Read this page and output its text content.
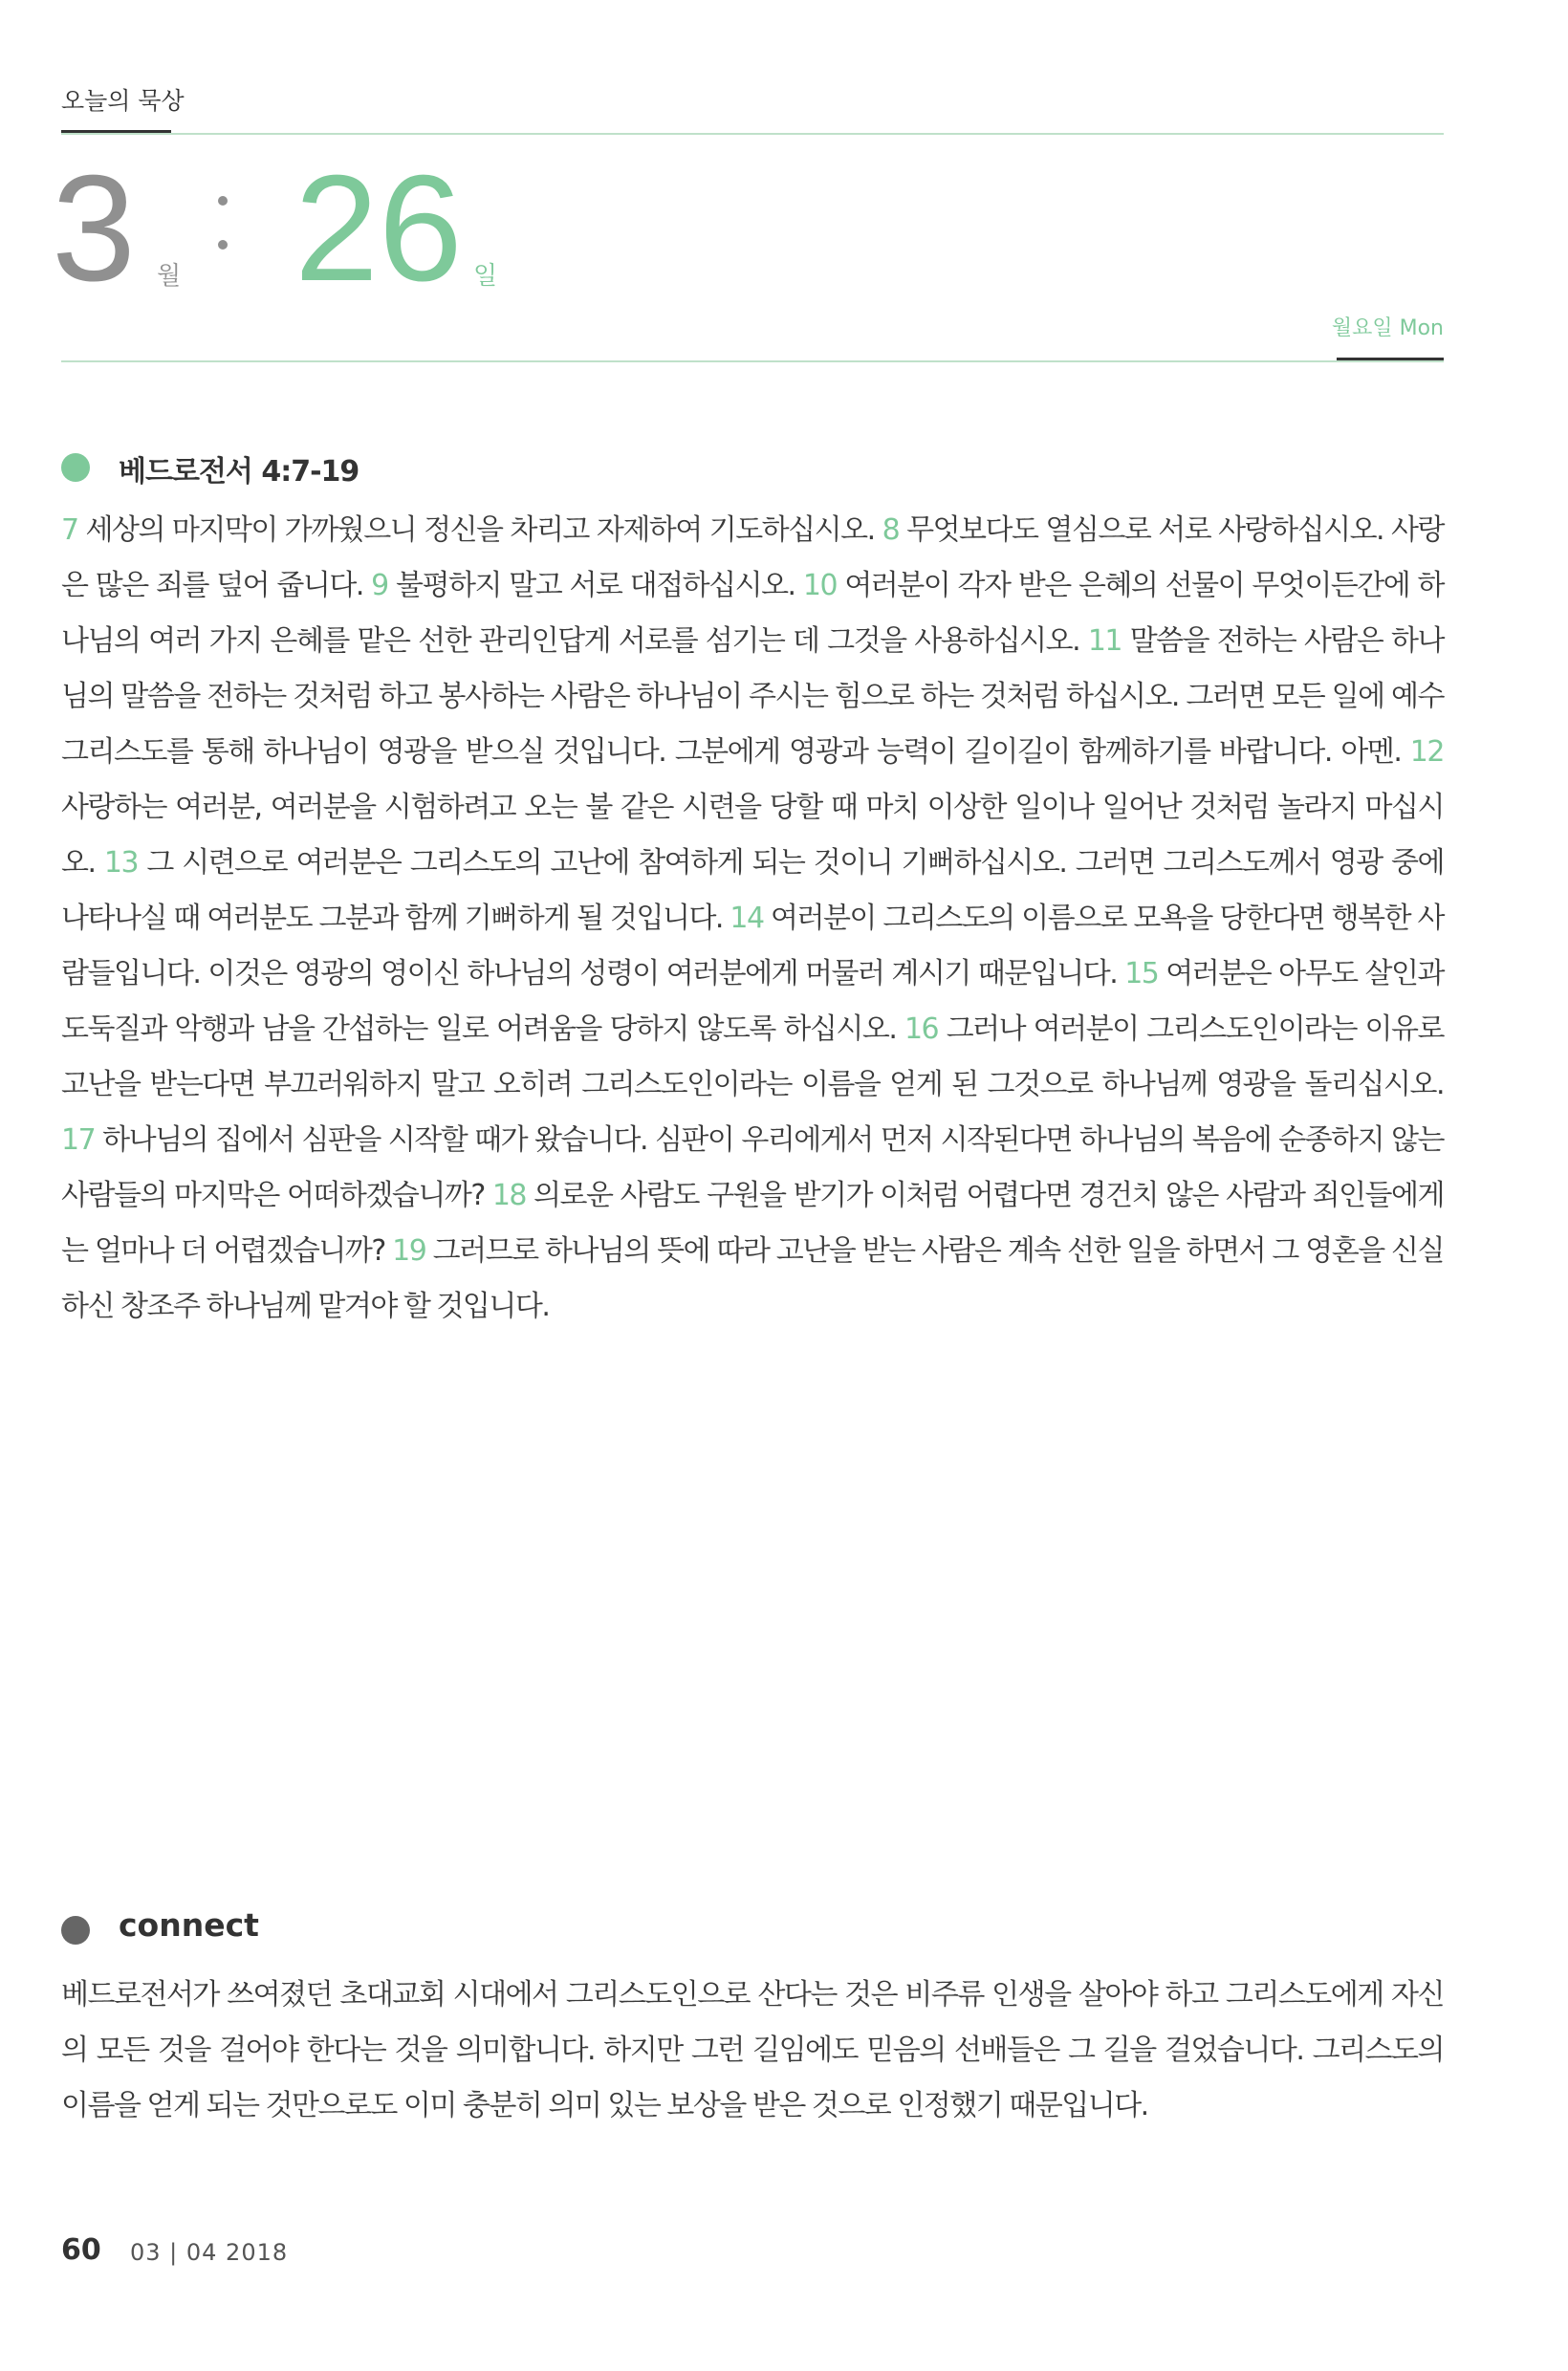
오늘의 묵상
3 월 26 일
월요일 Mon
베드로전서 4:7-19
7 세상의 마지막이 가까웠으니 정신을 차리고 자제하여 기도하십시오. 8 무엇보다도 열심으로 서로 사랑하십시오. 사랑은 많은 죄를 덮어 줍니다. 9 불평하지 말고 서로 대접하십시오. 10 여러분이 각자 받은 은혜의 선물이 무엇이든간에 하나님의 여러 가지 은혜를 맡은 선한 관리인답게 서로를 섬기는 데 그것을 사용하십시오. 11 말씀을 전하는 사람은 하나님의 말씀을 전하는 것처럼 하고 봉사하는 사람은 하나님이 주시는 힘으로 하는 것처럼 하십시오. 그러면 모든 일에 예수 그리스도를 통해 하나님이 영광을 받으실 것입니다. 그분에게 영광과 능력이 길이길이 함께하기를 바랍니다. 아멘. 12 사랑하는 여러분, 여러분을 시험하려고 오는 불 같은 시련을 당할 때 마치 이상한 일이나 일어난 것처럼 놀라지 마십시오. 13 그 시련으로 여러분은 그리스도의 고난에 참여하게 되는 것이니 기뻐하십시오. 그러면 그리스도께서 영광 중에 나타나실 때 여러분도 그분과 함께 기뻐하게 될 것입니다. 14 여러분이 그리스도의 이름으로 모욕을 당한다면 행복한 사람들입니다. 이것은 영광의 영이신 하나님의 성령이 여러분에게 머물러 계시기 때문입니다. 15 여러분은 아무도 살인과 도둑질과 악행과 남을 간섭하는 일로 어려움을 당하지 않도록 하십시오. 16 그러나 여러분이 그리스도인이라는 이유로 고난을 받는다면 부끄러워하지 말고 오히려 그리스도인이라는 이름을 얻게 된 그것으로 하나님께 영광을 돌리십시오. 17 하나님의 집에서 심판을 시작할 때가 왔습니다. 심판이 우리에게서 먼저 시작된다면 하나님의 복음에 순종하지 않는 사람들의 마지막은 어떠하겠습니까? 18 의로운 사람도 구원을 받기가 이처럼 어렵다면 경건치 않은 사람과 죄인들에게는 얼마나 더 어렵겠습니까? 19 그러므로 하나님의 뜻에 따라 고난을 받는 사람은 계속 선한 일을 하면서 그 영혼을 신실하신 창조주 하나님께 맡겨야 할 것입니다.
connect
베드로전서가 쓰여졌던 초대교회 시대에서 그리스도인으로 산다는 것은 비주류 인생을 살아야 하고 그리스도에게 자신의 모든 것을 걸어야 한다는 것을 의미합니다. 하지만 그런 길임에도 믿음의 선배들은 그 길을 걸었습니다. 그리스도의 이름을 얻게 되는 것만으로도 이미 충분히 의미 있는 보상을 받은 것으로 인정했기 때문입니다.
60 03 | 04 2018
